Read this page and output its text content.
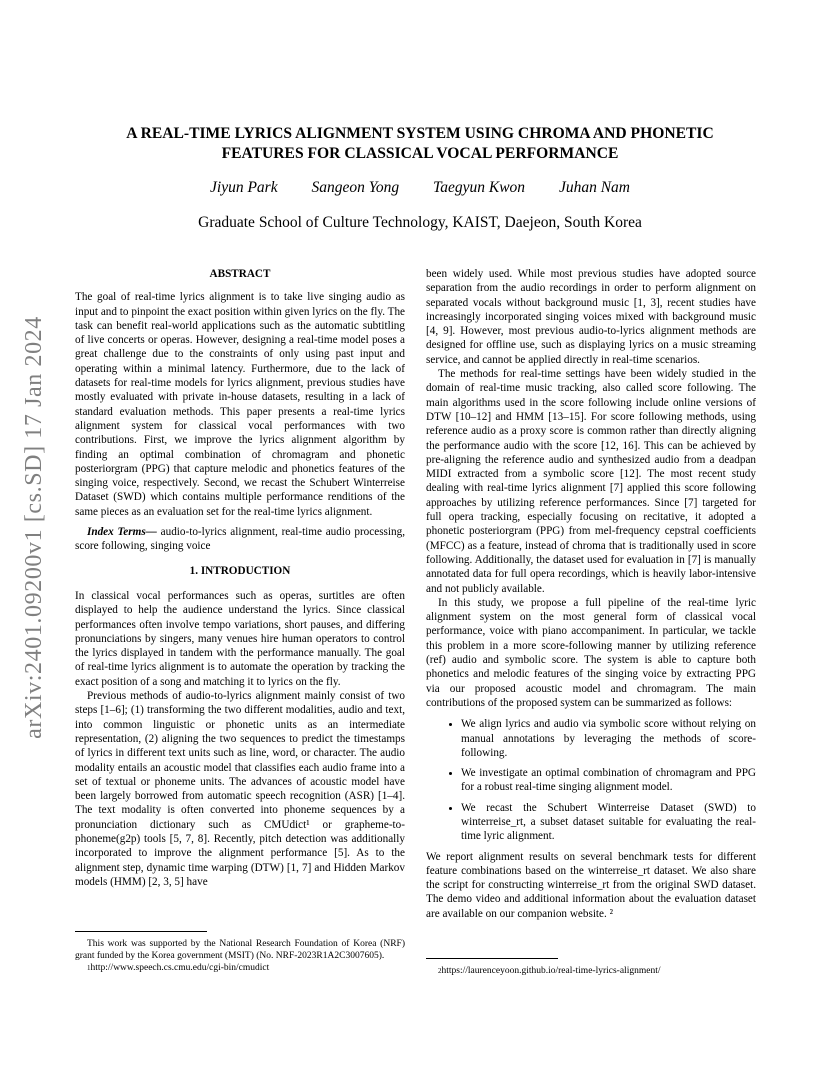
arXiv:2401.09200v1 [cs.SD] 17 Jan 2024
A REAL-TIME LYRICS ALIGNMENT SYSTEM USING CHROMA AND PHONETIC
FEATURES FOR CLASSICAL VOCAL PERFORMANCE
Jiyun Park Sangeon Yong Taegyun Kwon Juhan Nam
Graduate School of Culture Technology, KAIST, Daejeon, South Korea
ABSTRACT

The goal of real-time lyrics alignment is to take live singing audio as input and to pinpoint the exact position within given lyrics on the fly. The task can benefit real-world applications such as the automatic subtitling of live concerts or operas. However, designing a real-time model poses a great challenge due to the constraints of only using past input and operating within a minimal latency. Furthermore, due to the lack of datasets for real-time models for lyrics alignment, previous studies have mostly evaluated with private in-house datasets, resulting in a lack of standard evaluation methods. This paper presents a real-time lyrics alignment system for classical vocal performances with two contributions. First, we improve the lyrics alignment algorithm by finding an optimal combination of chromagram and phonetic posteriorgram (PPG) that capture melodic and phonetics features of the singing voice, respectively. Second, we recast the Schubert Winterreise Dataset (SWD) which contains multiple performance renditions of the same pieces as an evaluation set for the real-time lyrics alignment.

Index Terms— audio-to-lyrics alignment, real-time audio processing, score following, singing voice

1. INTRODUCTION

In classical vocal performances such as operas, surtitles are often displayed to help the audience understand the lyrics. Since classical performances often involve tempo variations, short pauses, and differing pronunciations by singers, many venues hire human operators to control the lyrics displayed in tandem with the performance manually. The goal of real-time lyrics alignment is to automate the operation by tracking the exact position of a song and matching it to lyrics on the fly.

Previous methods of audio-to-lyrics alignment mainly consist of two steps [1–6]; (1) transforming the two different modalities, audio and text, into common linguistic or phonetic units as an intermediate representation, (2) aligning the two sequences to predict the timestamps of lyrics in different text units such as line, word, or character. The audio modality entails an acoustic model that classifies each audio frame into a set of textual or phoneme units. The advances of acoustic model have been largely borrowed from automatic speech recognition (ASR) [1–4]. The text modality is often converted into phoneme sequences by a pronunciation dictionary such as CMUdict¹ or grapheme-to-phoneme(g2p) tools [5, 7, 8]. Recently, pitch detection was additionally incorporated to improve the alignment performance [5]. As to the alignment step, dynamic time warping (DTW) [1, 7] and Hidden Markov models (HMM) [2, 3, 5] have

been widely used. While most previous studies have adopted source separation from the audio recordings in order to perform alignment on separated vocals without background music [1, 3], recent studies have increasingly incorporated singing voices mixed with background music [4, 9]. However, most previous audio-to-lyrics alignment methods are designed for offline use, such as displaying lyrics on a music streaming service, and cannot be applied directly in real-time scenarios.

The methods for real-time settings have been widely studied in the domain of real-time music tracking, also called score following. The main algorithms used in the score following include online versions of DTW [10–12] and HMM [13–15]. For score following methods, using reference audio as a proxy score is common rather than directly aligning the performance audio with the score [12, 16]. This can be achieved by pre-aligning the reference audio and synthesized audio from a deadpan MIDI extracted from a symbolic score [12]. The most recent study dealing with real-time lyrics alignment [7] applied this score following approaches by utilizing reference performances. Since [7] targeted for full opera tracking, especially focusing on recitative, it adopted a phonetic posteriorgram (PPG) from mel-frequency cepstral coefficients (MFCC) as a feature, instead of chroma that is traditionally used in score following. Additionally, the dataset used for evaluation in [7] is manually annotated data for full opera recordings, which is heavily labor-intensive and not publicly available.

In this study, we propose a full pipeline of the real-time lyric alignment system on the most general form of classical vocal performance, voice with piano accompaniment. In particular, we tackle this problem in a more score-following manner by utilizing reference (ref) audio and symbolic score. The system is able to capture both phonetics and melodic features of the singing voice by extracting PPG via our proposed acoustic model and chromagram. The main contributions of the proposed system can be summarized as follows:

• We align lyrics and audio via symbolic score without relying on manual annotations by leveraging the methods of score-following.
• We investigate an optimal combination of chromagram and PPG for a robust real-time singing alignment model.
• We recast the Schubert Winterreise Dataset (SWD) to winterreise_rt, a subset dataset suitable for evaluating the real-time lyric alignment.

We report alignment results on several benchmark tests for different feature combinations based on the winterreise_rt dataset. We also share the script for constructing winterreise_rt from the original SWD dataset. The demo video and additional information about the evaluation dataset are available on our companion website. ²

This work was supported by the National Research Foundation of Korea (NRF) grant funded by the Korea government (MSIT) (No. NRF-2023R1A2C3007605).

$^1$http://www.speech.cs.cmu.edu/cgi-bin/cmudict	$^2$https://laurenceyoon.github.io/real-time-lyrics-alignment/
